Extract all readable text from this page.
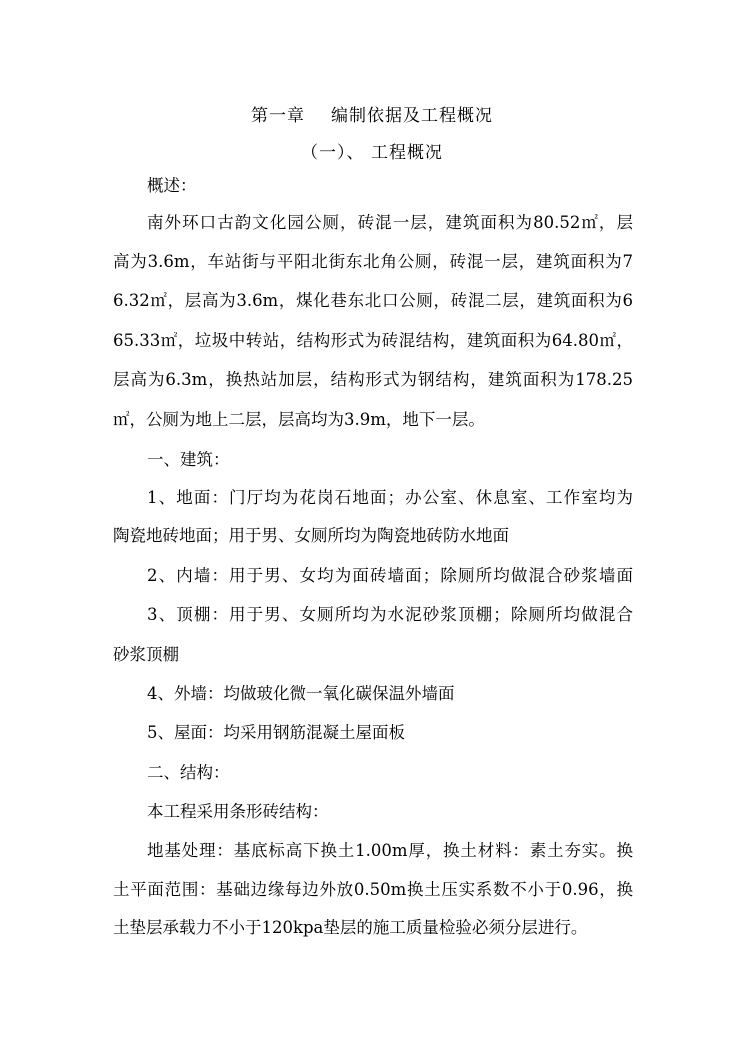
第一章 编制依据及工程概况
（一）、 工程概况

概述：

南外环口古韵文化园公厕，砖混一层，建筑面积为80.52㎡，层

高为3.6m，车站街与平阳北街东北角公厕，砖混一层，建筑面积为7

6.32㎡，层高为3.6m，煤化巷东北口公厕，砖混二层，建筑面积为6

65.33㎡，垃圾中转站，结构形式为砖混结构，建筑面积为64.80㎡，

层高为6.3m，换热站加层，结构形式为钢结构，建筑面积为178.25

㎡，公厕为地上二层，层高均为3.9m，地下一层。

一、建筑：

1、地面：门厅均为花岗石地面；办公室、休息室、工作室均为

陶瓷地砖地面；用于男、女厕所均为陶瓷地砖防水地面

2、内墙：用于男、女均为面砖墙面；除厕所均做混合砂浆墙面

3、顶棚：用于男、女厕所均为水泥砂浆顶棚；除厕所均做混合

砂浆顶棚

4、外墙：均做玻化微一氧化碳保温外墙面

5、屋面：均采用钢筋混凝土屋面板

二、结构：

本工程采用条形砖结构：

地基处理：基底标高下换土1.00m厚，换土材料：素土夯实。换

土平面范围：基础边缘每边外放0.50m换土压实系数不小于0.96，换

土垫层承载力不小于120kpa垫层的施工质量检验必须分层进行。
